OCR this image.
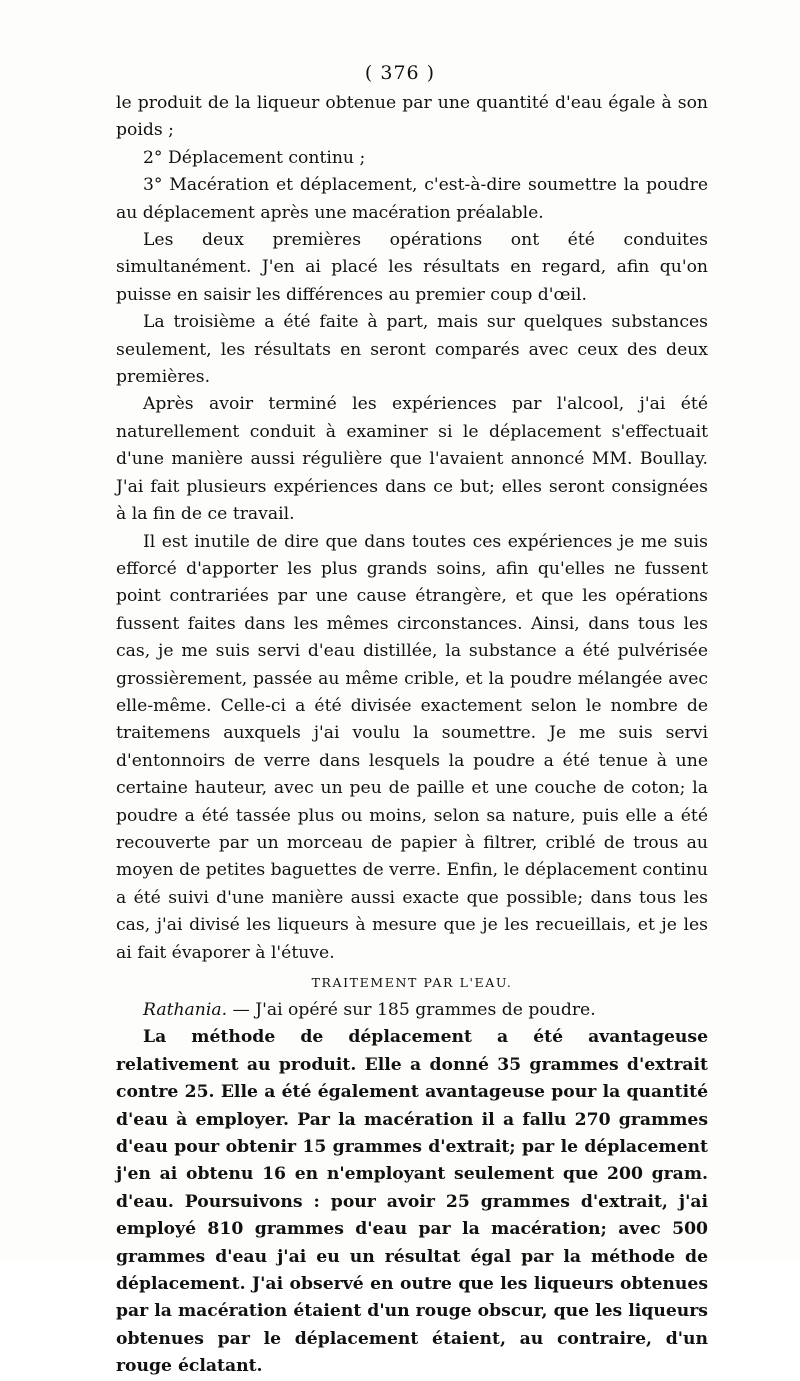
( 376 )

le produit de la liqueur obtenue par une quantité d'eau égale à son poids ;

2° Déplacement continu ;

3° Macération et déplacement, c'est-à-dire soumettre la poudre au déplacement après une macération préalable.

Les deux premières opérations ont été conduites simultanément. J'en ai placé les résultats en regard, afin qu'on puisse en saisir les différences au premier coup d'œil.

La troisième a été faite à part, mais sur quelques substances seulement, les résultats en seront comparés avec ceux des deux premières.

Après avoir terminé les expériences par l'alcool, j'ai été naturellement conduit à examiner si le déplacement s'effectuait d'une manière aussi régulière que l'avaient annoncé MM. Boullay. J'ai fait plusieurs expériences dans ce but; elles seront consignées à la fin de ce travail.

Il est inutile de dire que dans toutes ces expériences je me suis efforcé d'apporter les plus grands soins, afin qu'elles ne fussent point contrariées par une cause étrangère, et que les opérations fussent faites dans les mêmes circonstances. Ainsi, dans tous les cas, je me suis servi d'eau distillée, la substance a été pulvérisée grossièrement, passée au même crible, et la poudre mélangée avec elle-même. Celle-ci a été divisée exactement selon le nombre de traitemens auxquels j'ai voulu la soumettre. Je me suis servi d'entonnoirs de verre dans lesquels la poudre a été tenue à une certaine hauteur, avec un peu de paille et une couche de coton; la poudre a été tassée plus ou moins, selon sa nature, puis elle a été recouverte par un morceau de papier à filtrer, criblé de trous au moyen de petites baguettes de verre. Enfin, le déplacement continu a été suivi d'une manière aussi exacte que possible; dans tous les cas, j'ai divisé les liqueurs à mesure que je les recueillais, et je les ai fait évaporer à l'étuve.

TRAITEMENT PAR L'EAU.

Rathania. — J'ai opéré sur 185 grammes de poudre.

La méthode de déplacement a été avantageuse relativement au produit. Elle a donné 35 grammes d'extrait contre 25. Elle a été également avantageuse pour la quantité d'eau à employer. Par la macération il a fallu 270 grammes d'eau pour obtenir 15 grammes d'extrait; par le déplacement j'en ai obtenu 16 en n'employant seulement que 200 gram. d'eau. Poursuivons : pour avoir 25 grammes d'extrait, j'ai employé 810 grammes d'eau par la macération; avec 500 grammes d'eau j'ai eu un résultat égal par la méthode de déplacement. J'ai observé en outre que les liqueurs obtenues par la macération étaient d'un rouge obscur, que les liqueurs obtenues par le déplacement étaient, au contraire, d'un rouge éclatant.
